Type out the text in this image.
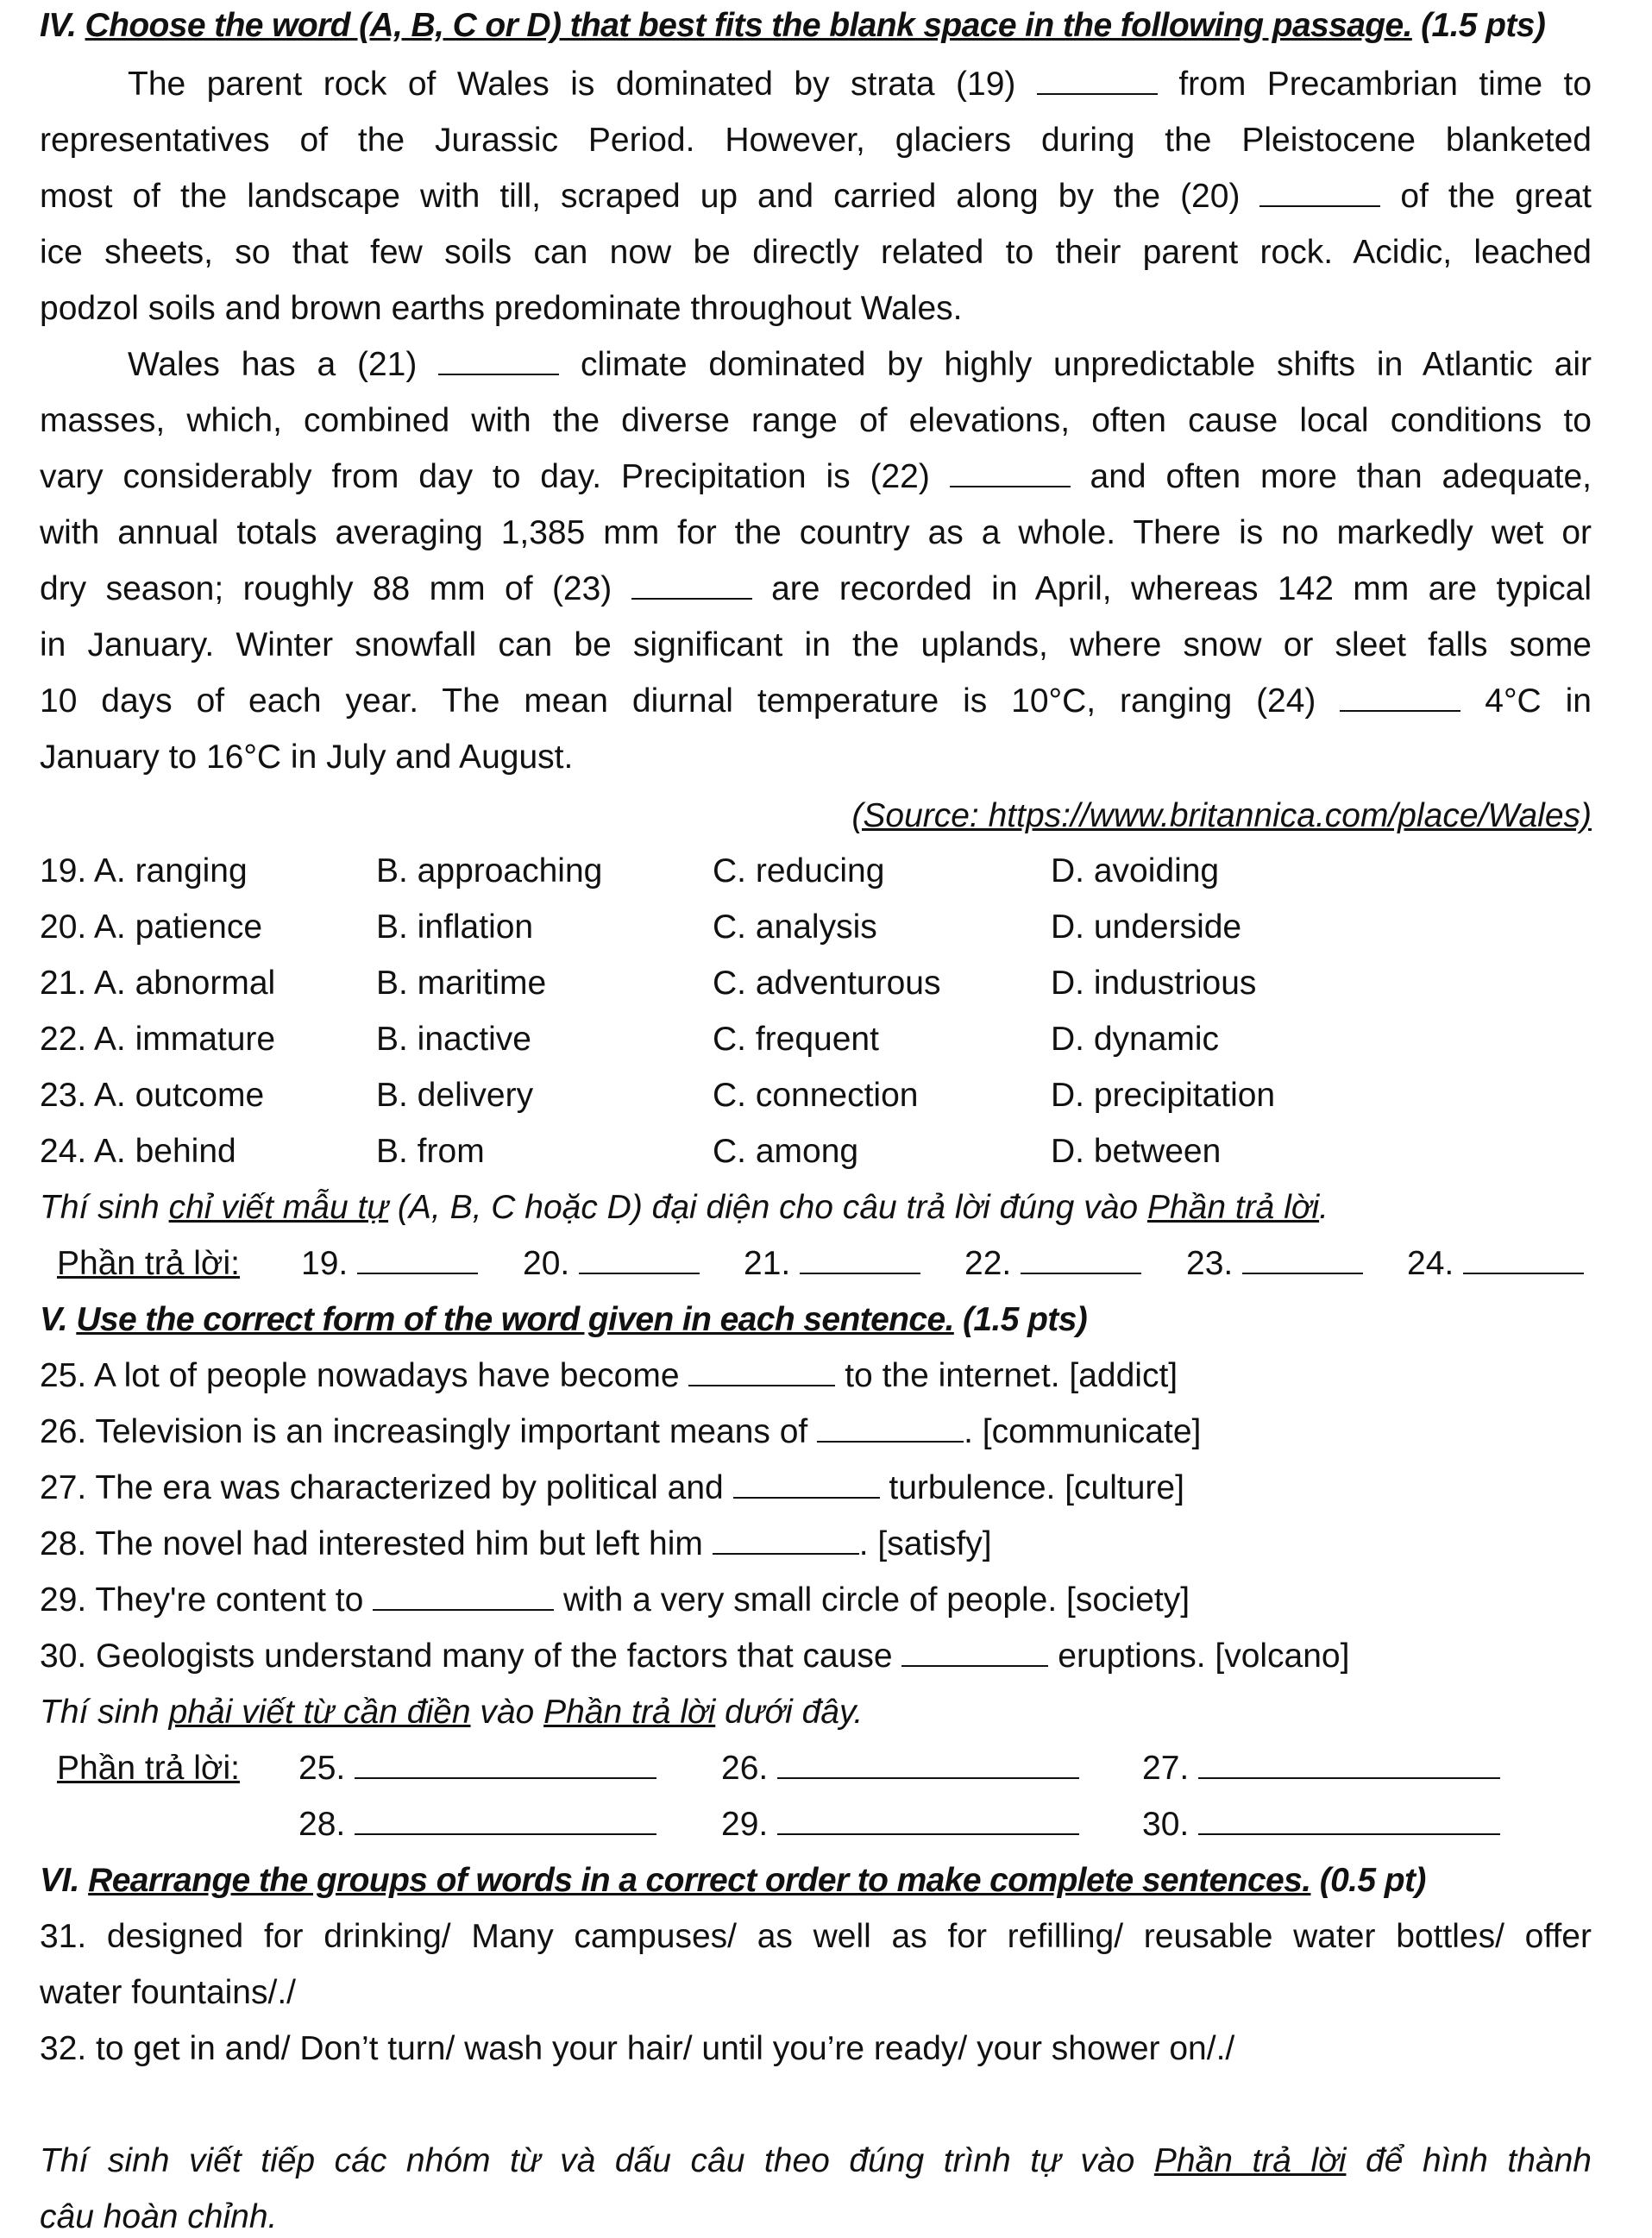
IV. Choose the word (A, B, C or D) that best fits the blank space in the following passage. (1.5 pts)
The parent rock of Wales is dominated by strata (19)	from Precambrian time to
representatives of the Jurassic Period. However, glaciers during the Pleistocene blanketed
most of the landscape with till, scraped up and carried along by the (20)	of the great
ice sheets, so that few soils can now be directly related to their parent rock. Acidic, leached
podzol soils and brown earths predominate throughout Wales.
Wales has a (21)	climate dominated by highly unpredictable shifts in Atlantic air
masses, which, combined with the diverse range of elevations, often cause local conditions to
vary considerably from day to day. Precipitation is (22)	and often more than adequate,
with annual totals averaging 1,385 mm for the country as a whole. There is no markedly wet or
dry season; roughly 88 mm of (23)	are recorded in April, whereas 142 mm are typical
in January. Winter snowfall can be significant in the uplands, where snow or sleet falls some
10 days of each year. The mean diurnal temperature is 10°C, ranging (24)	4°C in
January to 16°C in July and August.
(Source: https://www.britannica.com/place/Wales)
19. A. ranging	B. approaching	C. reducing	D. avoiding
20. A. patience	B. inflation	C. analysis	D. underside
21. A. abnormal	B. maritime	C. adventurous	D. industrious
22. A. immature	B. inactive	C. frequent	D. dynamic
23. A. outcome	B. delivery	C. connection	D. precipitation
24. A. behind	B. from	C. among	D. between
Thí sinh chỉ viết mẫu tự (A, B, C hoặc D) đại diện cho câu trả lời đúng vào Phần trả lời.
Phần trả lời: 19.	20.	21.	22.	23.	24.
V. Use the correct form of the word given in each sentence. (1.5 pts)
25. A lot of people nowadays have become	to the internet. [addict]
26. Television is an increasingly important means of	. [communicate]
27. The era was characterized by political and	turbulence. [culture]
28. The novel had interested him but left him	. [satisfy]
29. They're content to	with a very small circle of people. [society]
30. Geologists understand many of the factors that cause	eruptions. [volcano]
Thí sinh phải viết từ cần điền vào Phần trả lời dưới đây.
Phần trả lời: 25.	26.	27.
28.	29.	30.
VI. Rearrange the groups of words in a correct order to make complete sentences. (0.5 pt)
31. designed for drinking/ Many campuses/ as well as for refilling/ reusable water bottles/ offer
water fountains/./
32. to get in and/ Don’t turn/ wash your hair/ until you’re ready/ your shower on/./
Thí sinh viết tiếp các nhóm từ và dấu câu theo đúng trình tự vào Phần trả lời để hình thành
câu hoàn chỉnh.
